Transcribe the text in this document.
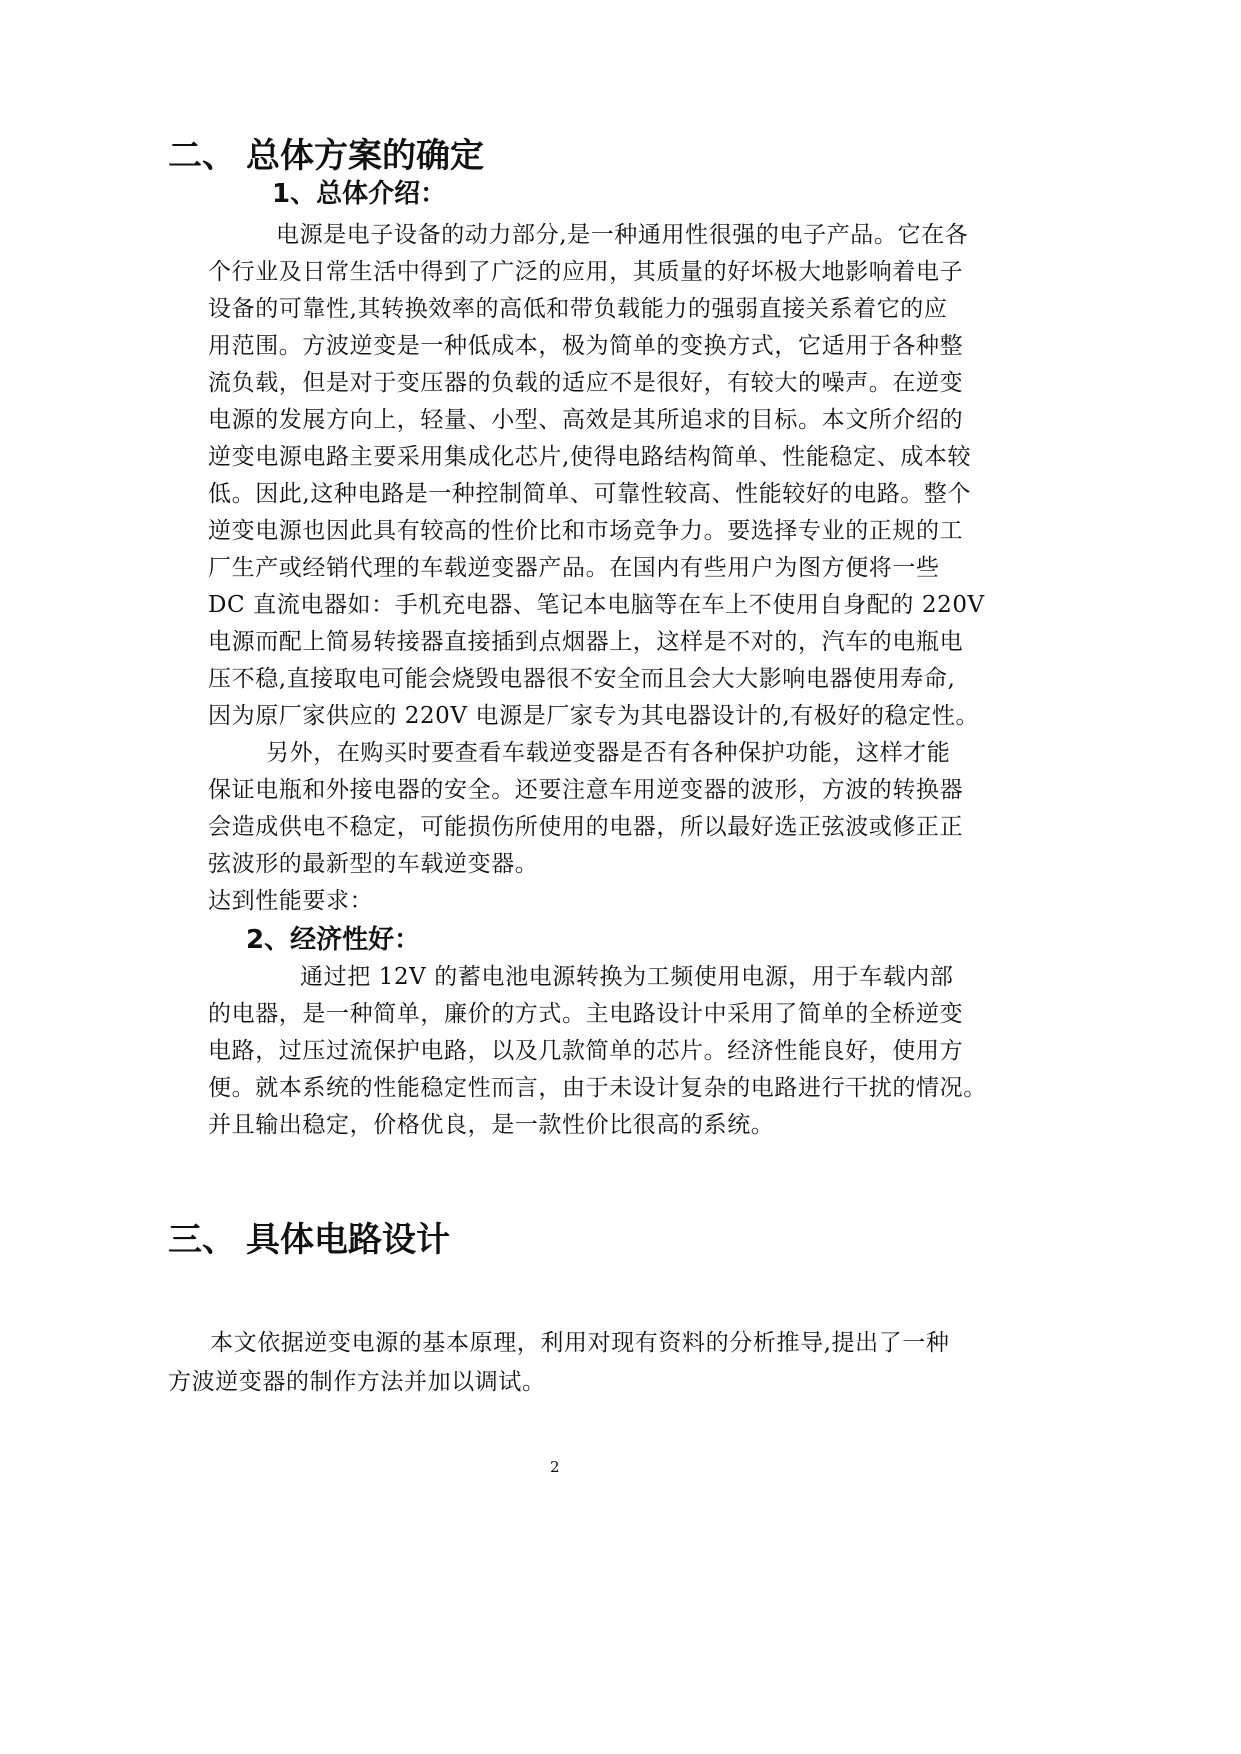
二、 总体方案的确定
1、总体介绍：
电源是电子设备的动力部分,是一种通用性很强的电子产品。它在各
个行业及日常生活中得到了广泛的应用，其质量的好坏极大地影响着电子
设备的可靠性,其转换效率的高低和带负载能力的强弱直接关系着它的应
用范围。方波逆变是一种低成本，极为简单的变换方式，它适用于各种整
流负载，但是对于变压器的负载的适应不是很好，有较大的噪声。在逆变
电源的发展方向上，轻量、小型、高效是其所追求的目标。本文所介绍的
逆变电源电路主要采用集成化芯片,使得电路结构简单、性能稳定、成本较
低。因此,这种电路是一种控制简单、可靠性较高、性能较好的电路。整个
逆变电源也因此具有较高的性价比和市场竞争力。要选择专业的正规的工
厂生产或经销代理的车载逆变器产品。在国内有些用户为图方便将一些
DC 直流电器如：手机充电器、笔记本电脑等在车上不使用自身配的 220V
电源而配上简易转接器直接插到点烟器上，这样是不对的，汽车的电瓶电
压不稳,直接取电可能会烧毁电器很不安全而且会大大影响电器使用寿命,
因为原厂家供应的 220V 电源是厂家专为其电器设计的,有极好的稳定性。
另外，在购买时要查看车载逆变器是否有各种保护功能，这样才能
保证电瓶和外接电器的安全。还要注意车用逆变器的波形，方波的转换器
会造成供电不稳定，可能损伤所使用的电器，所以最好选正弦波或修正正
弦波形的最新型的车载逆变器。
达到性能要求：
2、经济性好：
通过把 12V 的蓄电池电源转换为工频使用电源，用于车载内部
的电器，是一种简单，廉价的方式。主电路设计中采用了简单的全桥逆变
电路，过压过流保护电路，以及几款简单的芯片。经济性能良好，使用方
便。就本系统的性能稳定性而言，由于未设计复杂的电路进行干扰的情况。
并且输出稳定，价格优良，是一款性价比很高的系统。
三、 具体电路设计
本文依据逆变电源的基本原理，利用对现有资料的分析推导,提出了一种
方波逆变器的制作方法并加以调试。
2
